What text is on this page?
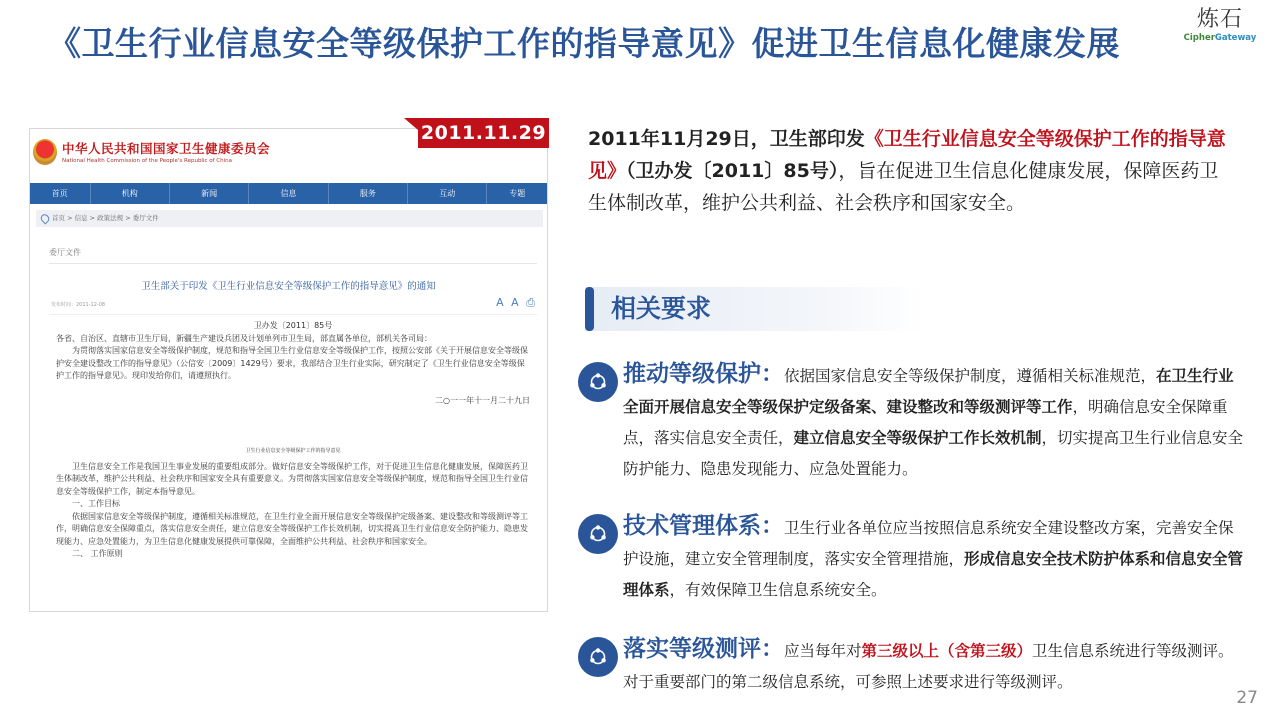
《卫生行业信息安全等级保护工作的指导意见》促进卫生信息化健康发展
炼石
CipherGateway
2011.11.29
中华人民共和国国家卫生健康委员会
National Health Commission of the People's Republic of China
首页	机构	新闻	信息	服务	互动	专题
首页 > 信息 > 政策法规 > 委厅文件
委厅文件
卫生部关于印发《卫生行业信息安全等级保护工作的指导意见》的通知
发布时间：2011-12-08	A A ⎙

卫办发〔2011〕85号

各省、自治区、直辖市卫生厅局，新疆生产建设兵团及计划单列市卫生局，部直属各单位，部机关各司局：

为贯彻落实国家信息安全等级保护制度，规范和指导全国卫生行业信息安全等级保护工作，按照公安部《关于开展信息安全等级保护安全建设整改工作的指导意见》（公信安〔2009〕1429号）要求，我部结合卫生行业实际，研究制定了《卫生行业信息安全等级保护工作的指导意见》。现印发给你们，请遵照执行。

二○一一年十一月二十九日

卫生行业信息安全等级保护工作的指导意见

卫生信息安全工作是我国卫生事业发展的重要组成部分。做好信息安全等级保护工作，对于促进卫生信息化健康发展，保障医药卫生体制改革，维护公共利益、社会秩序和国家安全具有重要意义。为贯彻落实国家信息安全等级保护制度，规范和指导全国卫生行业信息安全等级保护工作，制定本指导意见。

一、工作目标

依据国家信息安全等级保护制度，遵循相关标准规范，在卫生行业全面开展信息安全等级保护定级备案、建设整改和等级测评等工作，明确信息安全保障重点，落实信息安全责任，建立信息安全等级保护工作长效机制，切实提高卫生行业信息安全防护能力、隐患发现能力、应急处置能力，为卫生信息化健康发展提供可靠保障，全面维护公共利益、社会秩序和国家安全。

二、 工作原则

2011年11月29日，卫生部印发《卫生行业信息安全等级保护工作的指导意见》（卫办发〔2011〕85号），旨在促进卫生信息化健康发展，保障医药卫生体制改革，维护公共利益、社会秩序和国家安全。
相关要求
推动等级保护：依据国家信息安全等级保护制度，遵循相关标准规范，在卫生行业全面开展信息安全等级保护定级备案、建设整改和等级测评等工作，明确信息安全保障重点，落实信息安全责任，建立信息安全等级保护工作长效机制，切实提高卫生行业信息安全防护能力、隐患发现能力、应急处置能力。
技术管理体系：卫生行业各单位应当按照信息系统安全建设整改方案，完善安全保护设施，建立安全管理制度，落实安全管理措施，形成信息安全技术防护体系和信息安全管理体系，有效保障卫生信息系统安全。
落实等级测评：应当每年对第三级以上（含第三级）卫生信息系统进行等级测评。对于重要部门的第二级信息系统，可参照上述要求进行等级测评。
27
